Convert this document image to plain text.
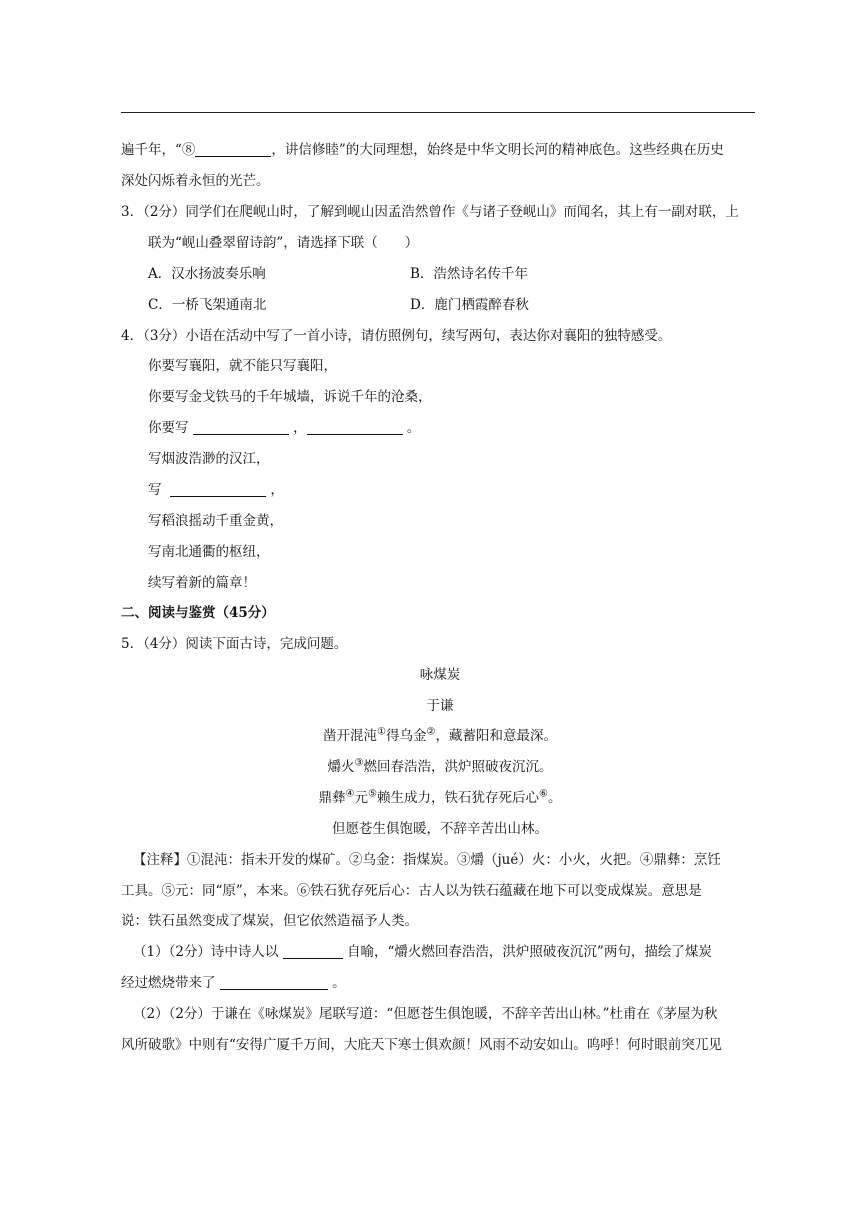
遍千年，“⑧	，讲信修睦”的大同理想，始终是中华文明长河的精神底色。这些经典在历史
深处闪烁着永恒的光芒。
3．（2分）同学们在爬岘山时，了解到岘山因孟浩然曾作《与诸子登岘山》而闻名，其上有一副对联，上
联为“岘山叠翠留诗韵”，请选择下联（　　）
A．汉水扬波奏乐响	B．浩然诗名传千年
C．一桥飞架通南北	D．鹿门栖霞醉春秋
4．（3分）小语在活动中写了一首小诗，请仿照例句，续写两句，表达你对襄阳的独特感受。
你要写襄阳，就不能只写襄阳，
你要写金戈铁马的千年城墙，诉说千年的沧桑，
你要写	，	。
写烟波浩渺的汉江，
写	，
写稻浪摇动千重金黄，
写南北通衢的枢纽，
续写着新的篇章！
二、阅读与鉴赏（45分）
5．（4分）阅读下面古诗，完成问题。
咏煤炭
于谦
凿开混沌①得乌金②，藏蓄阳和意最深。
爝火③燃回春浩浩，洪炉照破夜沉沉。
鼎彝④元⑤赖生成力，铁石犹存死后心⑥。
但愿苍生俱饱暖，不辞辛苦出山林。
【注释】①混沌：指未开发的煤矿。②乌金：指煤炭。③爝（jué）火：小火，火把。④鼎彝：烹饪
工具。⑤元：同“原”，本来。⑥铁石犹存死后心：古人以为铁石蕴藏在地下可以变成煤炭。意思是
说：铁石虽然变成了煤炭，但它依然造福予人类。
（1）（2分）诗中诗人以	自喻，“爝火燃回春浩浩，洪炉照破夜沉沉”两句，描绘了煤炭
经过燃烧带来了	。
（2）（2分）于谦在《咏煤炭》尾联写道：“但愿苍生俱饱暖，不辞辛苦出山林。”杜甫在《茅屋为秋
风所破歌》中则有“安得广厦千万间，大庇天下寒士俱欢颜！风雨不动安如山。呜呼！何时眼前突兀见
